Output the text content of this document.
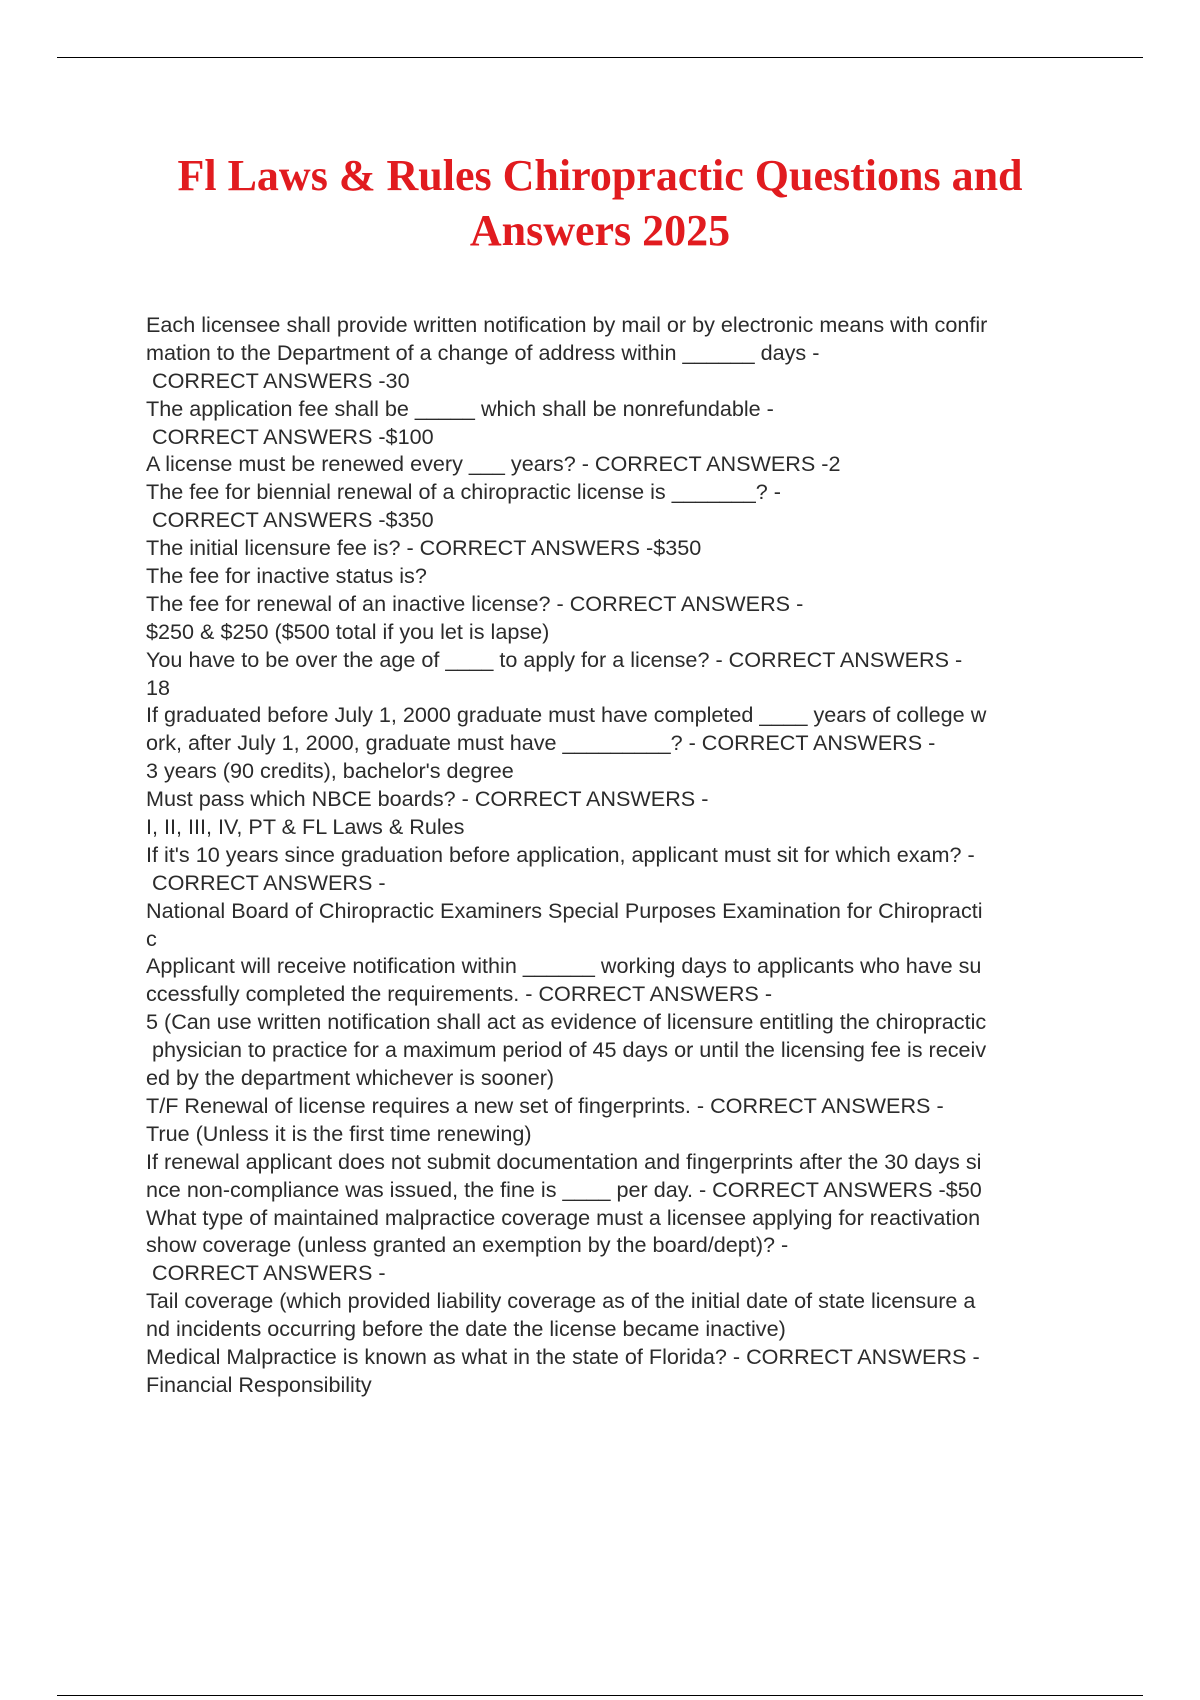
Fl Laws & Rules Chiropractic Questions and
Answers 2025
Each licensee shall provide written notification by mail or by electronic means with confir
mation to the Department of a change of address within ______ days -
CORRECT ANSWERS -30
The application fee shall be _____ which shall be nonrefundable -
CORRECT ANSWERS -$100
A license must be renewed every ___ years? - CORRECT ANSWERS -2
The fee for biennial renewal of a chiropractic license is _______? -
CORRECT ANSWERS -$350
The initial licensure fee is? - CORRECT ANSWERS -$350
The fee for inactive status is?
The fee for renewal of an inactive license? - CORRECT ANSWERS -
$250 & $250 ($500 total if you let is lapse)
You have to be over the age of ____ to apply for a license? - CORRECT ANSWERS -
18
If graduated before July 1, 2000 graduate must have completed ____ years of college w
ork, after July 1, 2000, graduate must have _________? - CORRECT ANSWERS -
3 years (90 credits), bachelor's degree
Must pass which NBCE boards? - CORRECT ANSWERS -
I, II, III, IV, PT & FL Laws & Rules
If it's 10 years since graduation before application, applicant must sit for which exam? -
CORRECT ANSWERS -
National Board of Chiropractic Examiners Special Purposes Examination for Chiropracti
c
Applicant will receive notification within ______ working days to applicants who have su
ccessfully completed the requirements. - CORRECT ANSWERS -
5 (Can use written notification shall act as evidence of licensure entitling the chiropractic
physician to practice for a maximum period of 45 days or until the licensing fee is receiv
ed by the department whichever is sooner)
T/F Renewal of license requires a new set of fingerprints. - CORRECT ANSWERS -
True (Unless it is the first time renewing)
If renewal applicant does not submit documentation and fingerprints after the 30 days si
nce non-compliance was issued, the fine is ____ per day. - CORRECT ANSWERS -$50
What type of maintained malpractice coverage must a licensee applying for reactivation
show coverage (unless granted an exemption by the board/dept)? -
CORRECT ANSWERS -
Tail coverage (which provided liability coverage as of the initial date of state licensure a
nd incidents occurring before the date the license became inactive)
Medical Malpractice is known as what in the state of Florida? - CORRECT ANSWERS -
Financial Responsibility
